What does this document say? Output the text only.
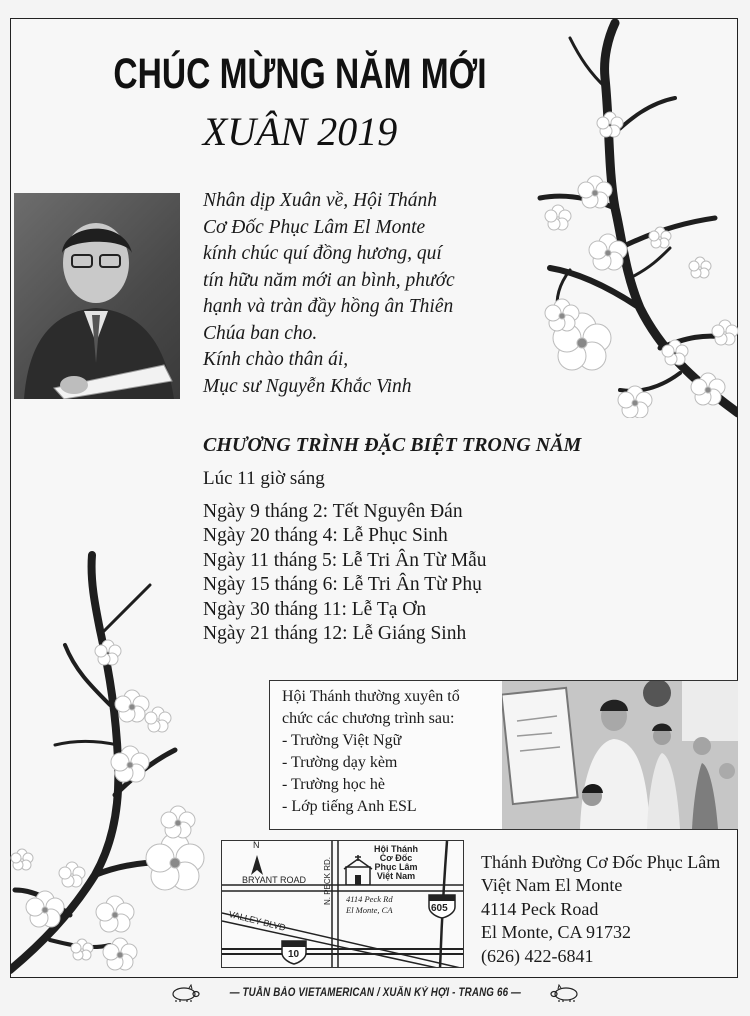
CHÚC MỪNG NĂM MỚI
XUÂN 2019
Nhân dịp Xuân về, Hội Thánh
Cơ Đốc Phục Lâm El Monte
kính chúc quí đồng hương, quí
tín hữu năm mới an bình, phước
hạnh và tràn đầy hồng ân Thiên
Chúa ban cho.
Kính chào thân ái,
Mục sư Nguyễn Khắc Vinh
CHƯƠNG TRÌNH ĐẶC BIỆT TRONG NĂM
Lúc 11 giờ sáng
Ngày 9 tháng 2: Tết Nguyên Đán
Ngày 20 tháng 4: Lễ Phục Sinh
Ngày 11 tháng 5: Lễ Tri Ân Từ Mẫu
Ngày 15 tháng 6: Lễ Tri Ân Từ Phụ
Ngày 30 tháng 11: Lễ Tạ Ơn
Ngày 21 tháng 12: Lễ Giáng Sinh
Hội Thánh thường xuyên tổ
chức các chương trình sau:
- Trường Việt Ngữ
- Trường dạy kèm
- Trường học hè
- Lớp tiếng Anh ESL
N	Hội Thánh
Cơ Đốc
Phục Lâm
Việt Nam
BRYANT ROAD N. PECK RD.
VALLEY BLVD
4114 Peck Rd
El Monte, CA	605
10
Thánh Đường Cơ Đốc Phục Lâm
Việt Nam El Monte
4114 Peck Road
El Monte, CA 91732
(626) 422-6841
— TUẦN BÁO VIETAMERICAN / XUÂN KỶ HỢI - TRANG 66 —
